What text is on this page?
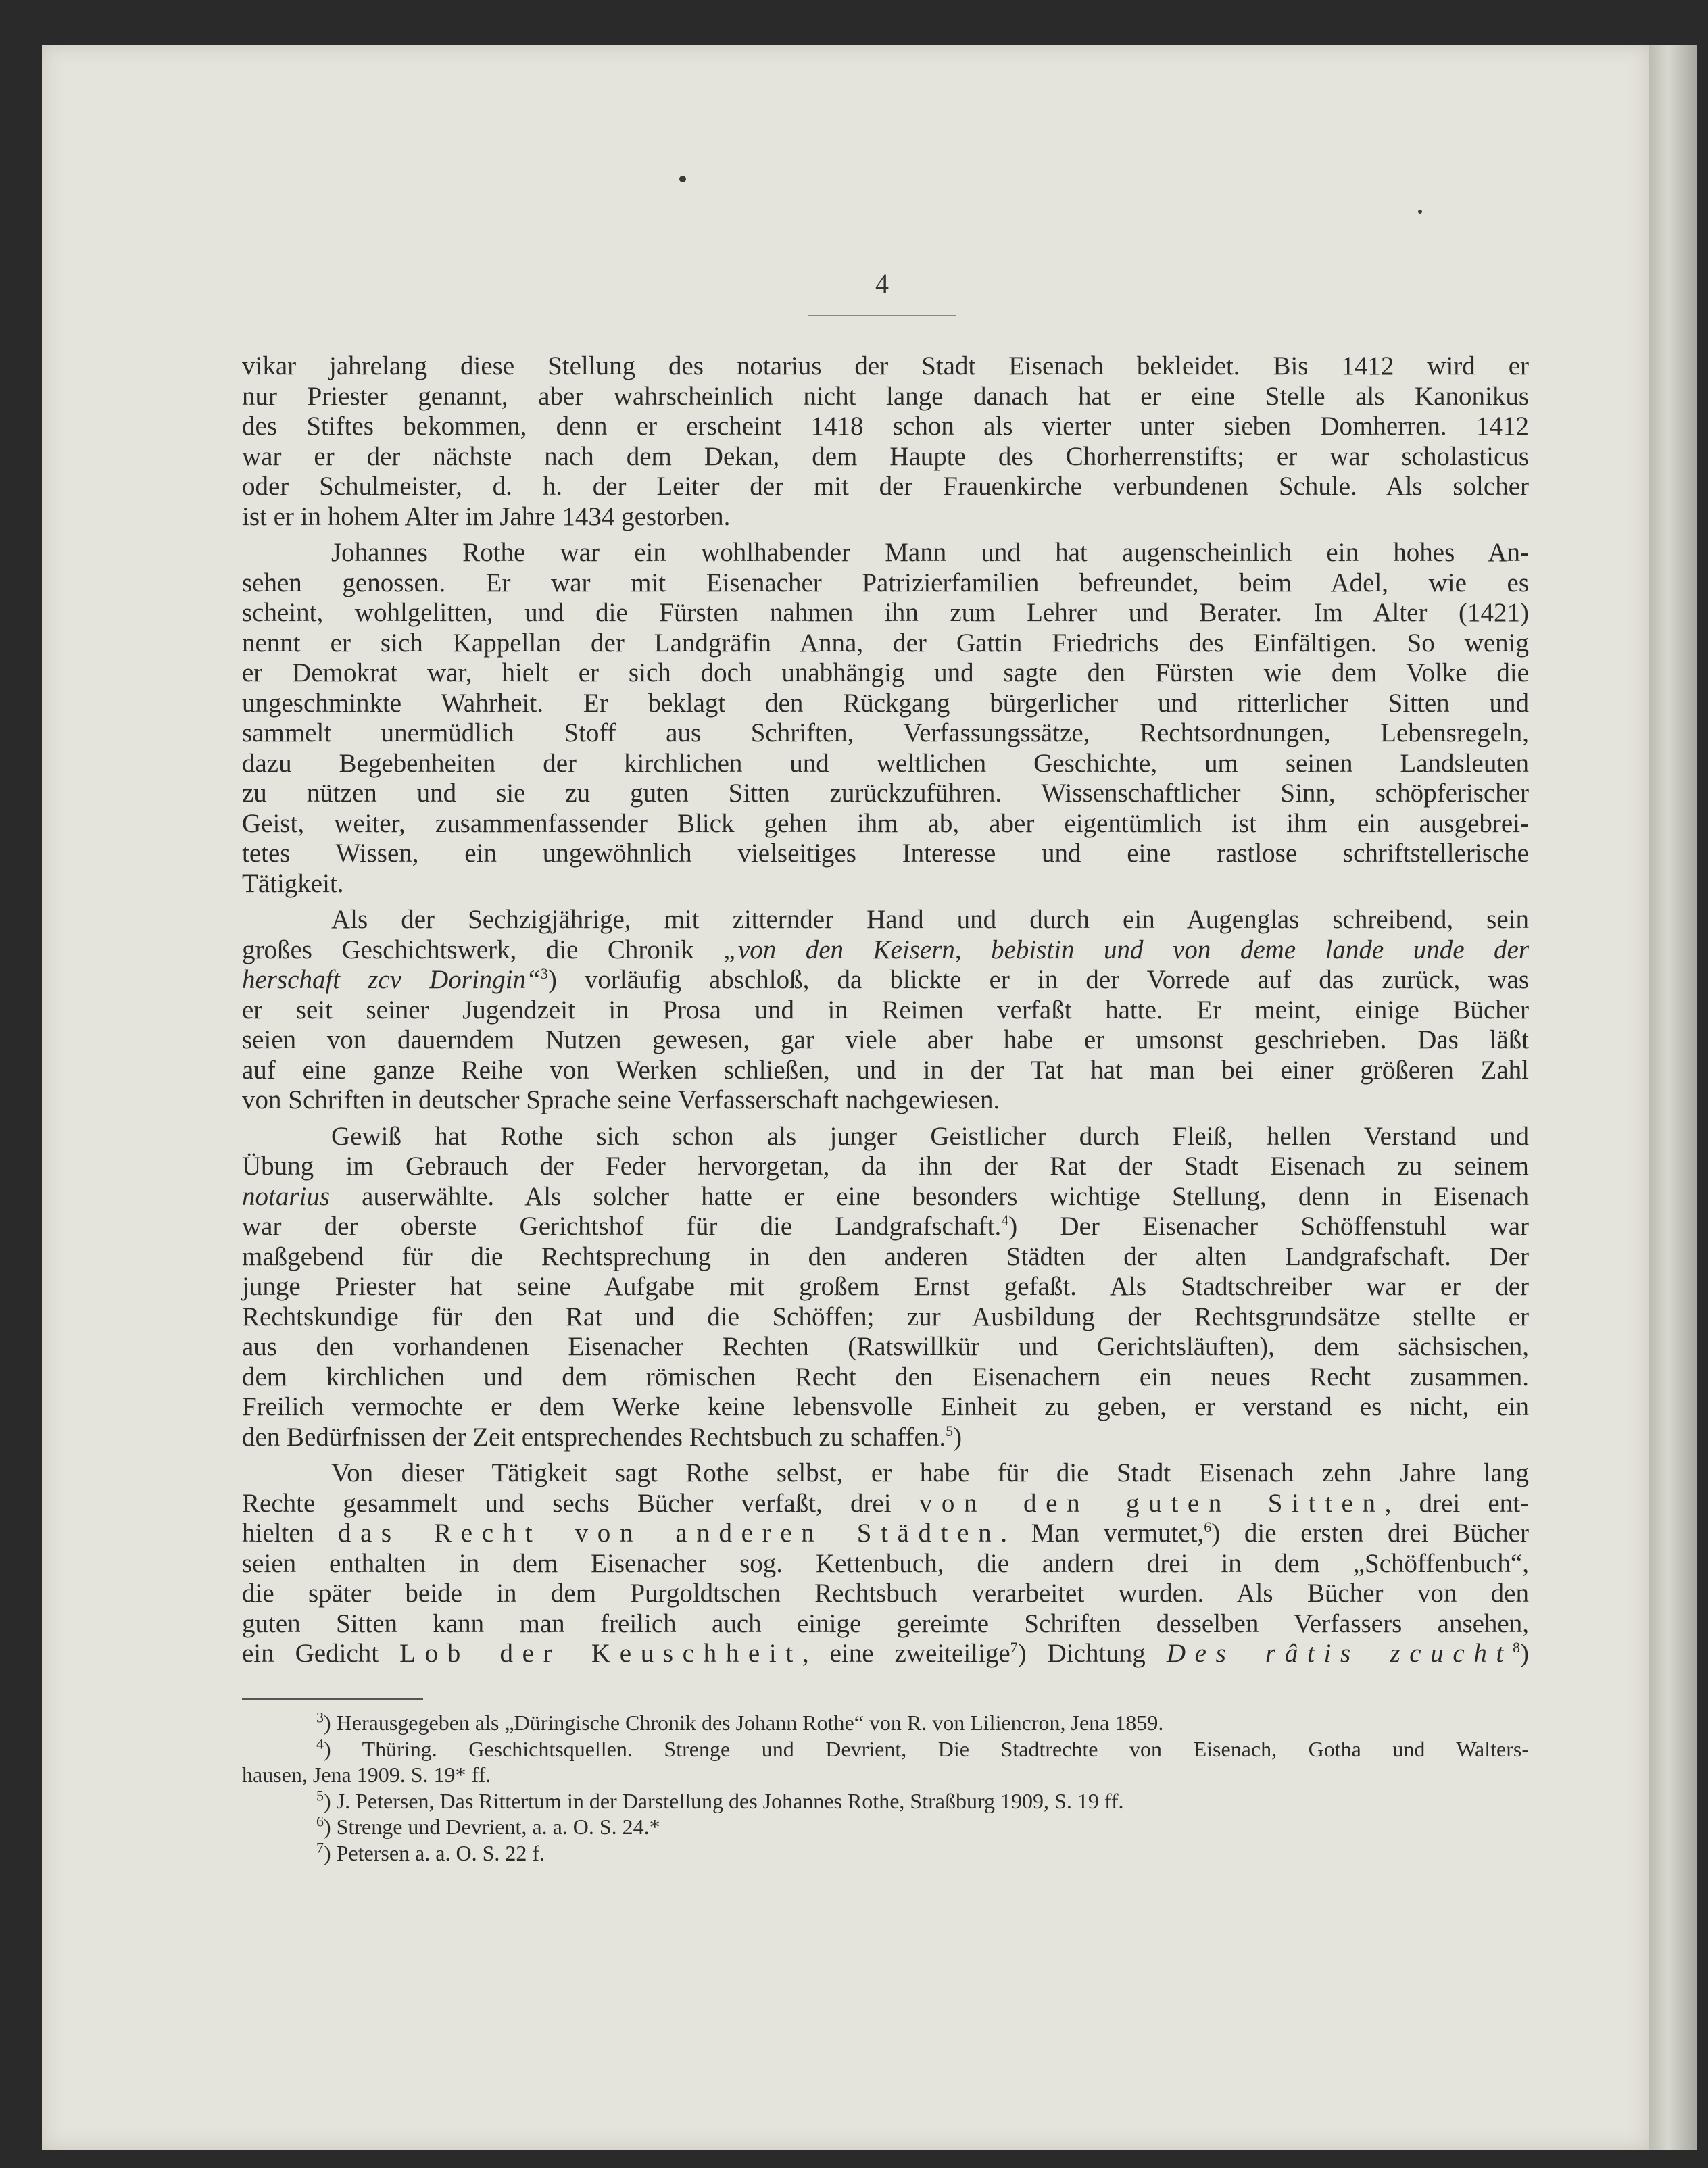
4

vikar jahrelang diese Stellung des notarius der Stadt Eisenach bekleidet. Bis 1412 wird er
nur Priester genannt, aber wahrscheinlich nicht lange danach hat er eine Stelle als Kanonikus
des Stiftes bekommen, denn er erscheint 1418 schon als vierter unter sieben Domherren. 1412
war er der nächste nach dem Dekan, dem Haupte des Chorherrenstifts; er war scholasticus
oder Schulmeister, d. h. der Leiter der mit der Frauenkirche verbundenen Schule. Als solcher
ist er in hohem Alter im Jahre 1434 gestorben.

Johannes Rothe war ein wohlhabender Mann und hat augenscheinlich ein hohes An-
sehen genossen. Er war mit Eisenacher Patrizierfamilien befreundet, beim Adel, wie es
scheint, wohlgelitten, und die Fürsten nahmen ihn zum Lehrer und Berater. Im Alter (1421)
nennt er sich Kappellan der Landgräfin Anna, der Gattin Friedrichs des Einfältigen. So wenig
er Demokrat war, hielt er sich doch unabhängig und sagte den Fürsten wie dem Volke die
ungeschminkte Wahrheit. Er beklagt den Rückgang bürgerlicher und ritterlicher Sitten und
sammelt unermüdlich Stoff aus Schriften, Verfassungssätze, Rechtsordnungen, Lebensregeln,
dazu Begebenheiten der kirchlichen und weltlichen Geschichte, um seinen Landsleuten
zu nützen und sie zu guten Sitten zurückzuführen. Wissenschaftlicher Sinn, schöpferischer
Geist, weiter, zusammenfassender Blick gehen ihm ab, aber eigentümlich ist ihm ein ausgebrei-
tetes Wissen, ein ungewöhnlich vielseitiges Interesse und eine rastlose schriftstellerische
Tätigkeit.

Als der Sechzigjährige, mit zitternder Hand und durch ein Augenglas schreibend, sein
großes Geschichtswerk, die Chronik „von den Keisern, bebistin und von deme lande unde der
herschaft zcv Doringin“$^3$) vorläufig abschloß, da blickte er in der Vorrede auf das zurück, was
er seit seiner Jugendzeit in Prosa und in Reimen verfaßt hatte. Er meint, einige Bücher
seien von dauerndem Nutzen gewesen, gar viele aber habe er umsonst geschrieben. Das läßt
auf eine ganze Reihe von Werken schließen, und in der Tat hat man bei einer größeren Zahl
von Schriften in deutscher Sprache seine Verfasserschaft nachgewiesen.

Gewiß hat Rothe sich schon als junger Geistlicher durch Fleiß, hellen Verstand und
Übung im Gebrauch der Feder hervorgetan, da ihn der Rat der Stadt Eisenach zu seinem
notarius auserwählte. Als solcher hatte er eine besonders wichtige Stellung, denn in Eisenach
war der oberste Gerichtshof für die Landgrafschaft.$^4$) Der Eisenacher Schöffenstuhl war
maßgebend für die Rechtsprechung in den anderen Städten der alten Landgrafschaft. Der
junge Priester hat seine Aufgabe mit großem Ernst gefaßt. Als Stadtschreiber war er der
Rechtskundige für den Rat und die Schöffen; zur Ausbildung der Rechtsgrundsätze stellte er
aus den vorhandenen Eisenacher Rechten (Ratswillkür und Gerichtsläuften), dem sächsischen,
dem kirchlichen und dem römischen Recht den Eisenachern ein neues Recht zusammen.
Freilich vermochte er dem Werke keine lebensvolle Einheit zu geben, er verstand es nicht, ein
den Bedürfnissen der Zeit entsprechendes Rechtsbuch zu schaffen.$^5$)

Von dieser Tätigkeit sagt Rothe selbst, er habe für die Stadt Eisenach zehn Jahre lang
Rechte gesammelt und sechs Bücher verfaßt, drei von den guten Sitten, drei ent-
hielten das Recht von anderen Städten. Man vermutet,$^6$) die ersten drei Bücher
seien enthalten in dem Eisenacher sog. Kettenbuch, die andern drei in dem „Schöffenbuch“,
die später beide in dem Purgoldtschen Rechtsbuch verarbeitet wurden. Als Bücher von den
guten Sitten kann man freilich auch einige gereimte Schriften desselben Verfassers ansehen,
ein Gedicht Lob der Keuschheit, eine zweiteilige$^7$) Dichtung Des râtis zcucht$^8$)

$^3$) Herausgegeben als „Düringische Chronik des Johann Rothe“ von R. von Liliencron, Jena 1859.
$^4$) Thüring. Geschichtsquellen. Strenge und Devrient, Die Stadtrechte von Eisenach, Gotha und Walters-
hausen, Jena 1909. S. 19* ff.
$^5$) J. Petersen, Das Rittertum in der Darstellung des Johannes Rothe, Straßburg 1909, S. 19 ff.
$^6$) Strenge und Devrient, a. a. O. S. 24.*
$^7$) Petersen a. a. O. S. 22 f.
